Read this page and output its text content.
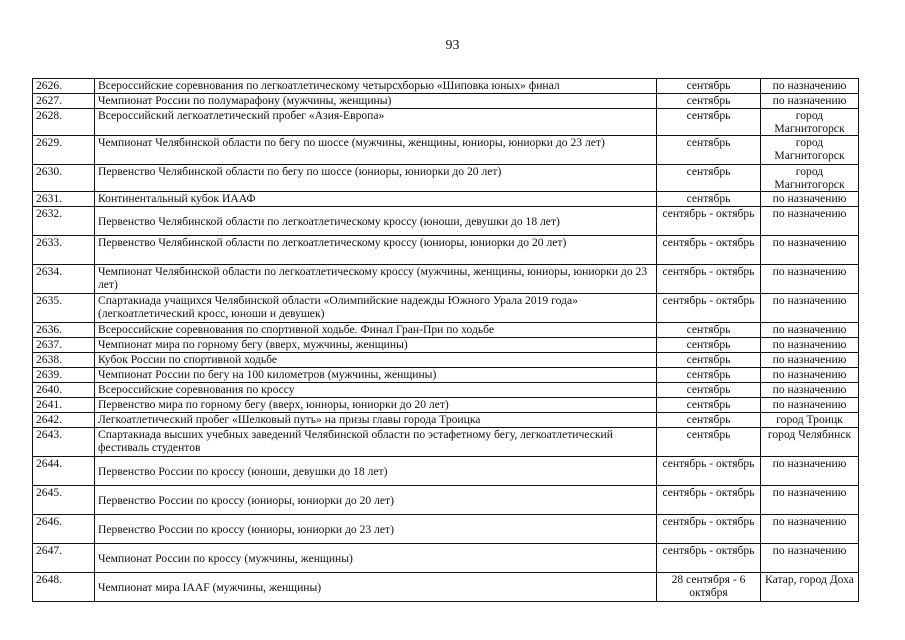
93
2626.	Всероссийские соревнования по легкоатлетическому четырсхборью «Шиповка юных» финал	сентябрь	по назначению
2627.	Чемпионат России по полумарафону (мужчины, женщины)	сентябрь	по назначению
2628.	Всероссийский легкоатлетический пробег «Азия-Европа»	сентябрь	город Магнитогорск
2629.	Чемпионат Челябинской области по бегу по шоссе (мужчины, женщины, юниоры, юниорки до 23 лет)	сентябрь	город Магнитогорск
2630.	Первенство Челябинской области по бегу по шоссе (юниоры, юниорки до 20 лет)	сентябрь	город Магнитогорск
2631.	Континентальный кубок ИААФ	сентябрь	по назначению
2632.	Первенство Челябинской области по легкоатлетическому кроссу (юноши, девушки до 18 лет)	сентябрь - октябрь	по назначению
2633.	Первенство Челябинской области по легкоатлетическому кроссу (юниоры, юниорки до 20 лет)	сентябрь - октябрь	по назначению
2634.	Чемпионат Челябинской области по легкоатлетическому кроссу (мужчины, женщины, юниоры, юниорки до 23 лет)	сентябрь - октябрь	по назначению
2635.	Спартакиада учащихся Челябинской области «Олимпийские надежды Южного Урала 2019 года» (легкоатлетический кросс, юноши и девушек)	сентябрь - октябрь	по назначению
2636.	Всероссийские соревнования по спортивной ходьбе. Финал Гран-При по ходьбе	сентябрь	по назначению
2637.	Чемпионат мира по горному бегу (вверх, мужчины, женщины)	сентябрь	по назначению
2638.	Кубок России по спортивной ходьбе	сентябрь	по назначению
2639.	Чемпионат России по бегу на 100 километров (мужчины, женщины)	сентябрь	по назначению
2640.	Всероссийские соревнования по кроссу	сентябрь	по назначению
2641.	Первенство мира по горному бегу (вверх, юниоры, юниорки до 20 лет)	сентябрь	по назначению
2642.	Легкоатлетический пробег «Шелковый путь» на призы главы города Троицка	сентябрь	город Троицк
2643.	Спартакиада высших учебных заведений Челябинской области по эстафетному бегу, легкоатлетический фестиваль студентов	сентябрь	город Челябинск
2644.	Первенство России по кроссу (юноши, девушки до 18 лет)	сентябрь - октябрь	по назначению
2645.	Первенство России по кроссу (юниоры, юниорки до 20 лет)	сентябрь - октябрь	по назначению
2646.	Первенство России по кроссу (юниоры, юниорки до 23 лет)	сентябрь - октябрь	по назначению
2647.	Чемпионат России по кроссу (мужчины, женщины)	сентябрь - октябрь	по назначению
2648.	Чемпионат мира IAAF (мужчины, женщины)	28 сентября - 6 октября	Катар, город Доха
